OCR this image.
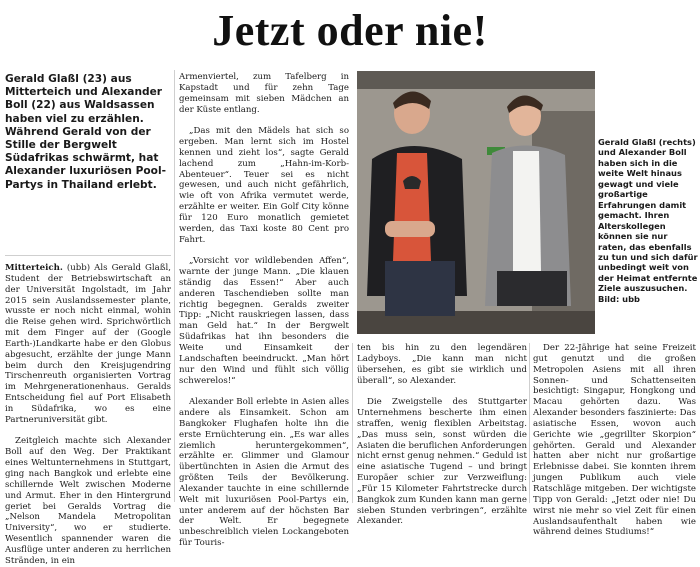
Jetzt oder nie!
Gerald Glaßl (23) aus Mitterteich und Alexander Boll (22) aus Waldsassen haben viel zu erzählen. Während Gerald von der Stille der Bergwelt Südafrikas schwärmt, hat Alexander luxuriösen Pool-Partys in Thailand erlebt.

Mitterteich. (ubb) Als Gerald Glaßl, Student der Betriebswirtschaft an der Universität Ingolstadt, im Jahr 2015 sein Auslandssemester plante, wusste er noch nicht einmal, wohin die Reise gehen wird. Sprichwörtlich mit dem Finger auf der (Google Earth-)Landkarte habe er den Globus abgesucht, erzählte der junge Mann beim durch den Kreisjugendring Tirschenreuth organisierten Vortrag im Mehrgenerationenhaus. Geralds Entscheidung fiel auf Port Elisabeth in Südafrika, wo es eine Partneruniversität gibt.

Zeitgleich machte sich Alexander Boll auf den Weg. Der Praktikant eines Weltunternehmens in Stuttgart, ging nach Bangkok und erlebte eine schillernde Welt zwischen Moderne und Armut. Eher in den Hintergrund geriet bei Geralds Vortrag die „Nelson Mandela Metropolitan University“, wo er studierte. Wesentlich spannender waren die Ausflüge unter anderen zu herrlichen Stränden, in ein

Armenviertel, zum Tafelberg in Kapstadt und für zehn Tage gemeinsam mit sieben Mädchen an der Küste entlang.

„Das mit den Mädels hat sich so ergeben. Man lernt sich im Hostel kennen und zieht los“, sagte Gerald lachend zum „Hahn-im-Korb-Abenteuer“. Teuer sei es nicht gewesen, und auch nicht gefährlich, wie oft von Afrika vermutet werde, erzählte er weiter. Ein Golf City könne für 120 Euro monatlich gemietet werden, das Taxi koste 80 Cent pro Fahrt.

„Vorsicht vor wildlebenden Affen“, warnte der junge Mann. „Die klauen ständig das Essen!“ Aber auch anderen Taschendieben sollte man richtig begegnen. Geralds zweiter Tipp: „Nicht rauskriegen lassen, dass man Geld hat.“ In der Bergwelt Südafrikas hat ihn besonders die Weite und Einsamkeit der Landschaften beeindruckt. „Man hört nur den Wind und fühlt sich völlig schwerelos!“

Alexander Boll erlebte in Asien alles andere als Einsamkeit. Schon am Bangkoker Flughafen holte ihn die erste Ernüchterung ein. „Es war alles ziemlich heruntergekommen“, erzählte er. Glimmer und Glamour übertünchten in Asien die Armut des größten Teils der Bevölkerung. Alexander tauchte in eine schillernde Welt mit luxuriösen Pool-Partys ein, unter anderem auf der höchsten Bar der Welt. Er begegnete unbeschreiblich vielen Lockangeboten für Touris-

Gerald Glaßl (rechts) und Alexander Boll haben sich in die weite Welt hinaus gewagt und viele großartige Erfahrungen damit gemacht. Ihren Alterskollegen können sie nur raten, das ebenfalls zu tun und sich dafür unbedingt weit von der Heimat entfernte Ziele auszusuchen. Bild: ubb

ten bis hin zu den legendären Ladyboys. „Die kann man nicht übersehen, es gibt sie wirklich und überall“, so Alexander.

Die Zweigstelle des Stuttgarter Unternehmens bescherte ihm einen straffen, wenig flexiblen Arbeitstag. „Das muss sein, sonst würden die Asiaten die beruflichen Anforderungen nicht ernst genug nehmen.“ Geduld ist eine asiatische Tugend – und bringt Europäer schier zur Verzweiflung: „Für 15 Kilometer Fahrtstrecke durch Bangkok zum Kunden kann man gerne sieben Stunden verbringen“, erzählte Alexander.

Der 22-Jährige hat seine Freizeit gut genutzt und die großen Metropolen Asiens mit all ihren Sonnen- und Schattenseiten besichtigt: Singapur, Hongkong und Macau gehörten dazu. Was Alexander besonders faszinierte: Das asiatische Essen, wovon auch Gerichte wie „gegrillter Skorpion“ gehörten. Gerald und Alexander hatten aber nicht nur großartige Erlebnisse dabei. Sie konnten ihrem jungen Publikum auch viele Ratschläge mitgeben. Der wichtigste Tipp von Gerald: „Jetzt oder nie! Du wirst nie mehr so viel Zeit für einen Auslandsaufenthalt haben wie während deines Studiums!“
